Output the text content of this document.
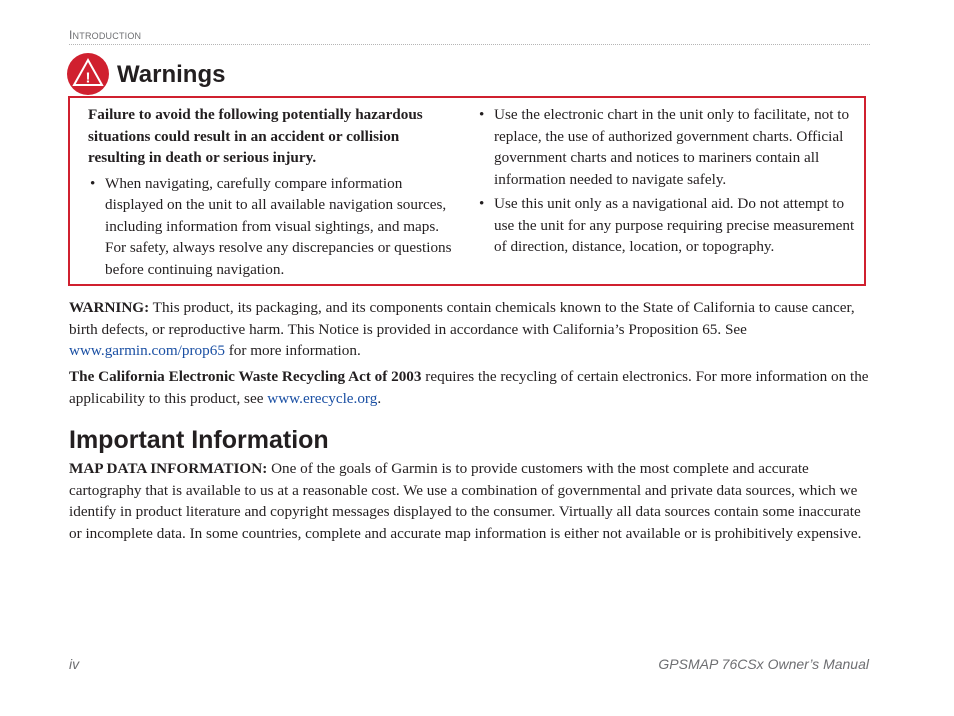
INTRODUCTION
! Warnings

Failure to avoid the following potentially hazardous situations could result in an accident or collision resulting in death or serious injury.

• When navigating, carefully compare information displayed on the unit to all available navigation sources, including information from visual sightings, and maps. For safety, always resolve any discrepancies or questions before continuing navigation.
• Use the electronic chart in the unit only to facilitate, not to replace, the use of authorized government charts. Official government charts and notices to mariners contain all information needed to navigate safely.
• Use this unit only as a navigational aid. Do not attempt to use the unit for any purpose requiring precise measurement of direction, distance, location, or topography.

WARNING: This product, its packaging, and its components contain chemicals known to the State of California to cause cancer, birth defects, or reproductive harm. This Notice is provided in accordance with California’s Proposition 65. See www.garmin.com/prop65 for more information.

The California Electronic Waste Recycling Act of 2003 requires the recycling of certain electronics. For more information on the applicability to this product, see www.erecycle.org.

Important Information

MAP DATA INFORMATION: One of the goals of Garmin is to provide customers with the most complete and accurate cartography that is available to us at a reasonable cost. We use a combination of governmental and private data sources, which we identify in product literature and copyright messages displayed to the consumer. Virtually all data sources contain some inaccurate or incomplete data. In some countries, complete and accurate map information is either not available or is prohibitively expensive.

iv	GPSMAP 76CSx Owner’s Manual
